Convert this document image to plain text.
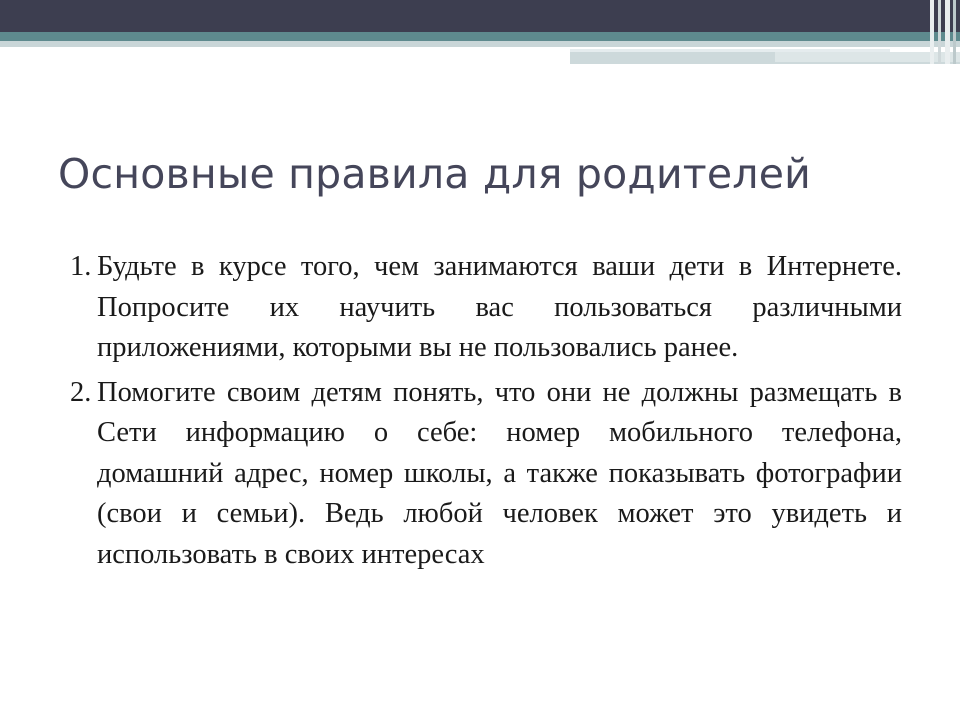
Основные правила для родителей
1. Будьте в курсе того, чем занимаются ваши дети в Интернете. Попросите их научить вас пользоваться различными приложениями, которыми вы не пользовались ранее.
2. Помогите своим детям понять, что они не должны размещать в Сети информацию о себе: номер мобильного телефона, домашний адрес, номер школы, а также показывать фотографии (свои и семьи). Ведь любой человек может это увидеть и использовать в своих интересах
